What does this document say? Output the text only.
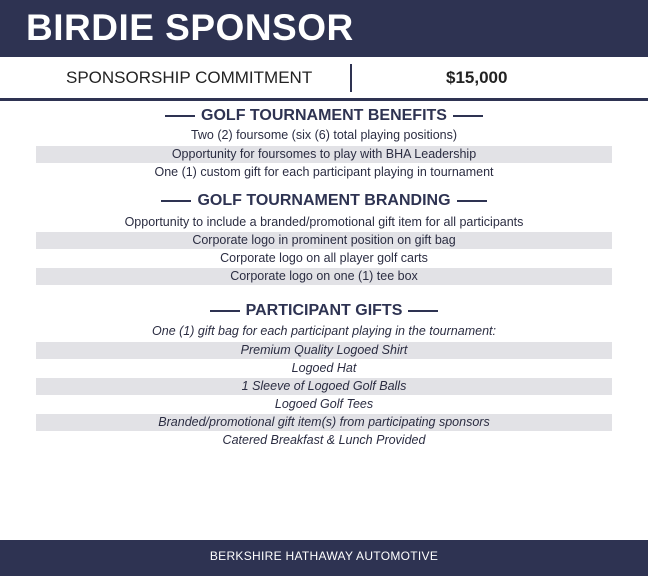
BIRDIE SPONSOR
SPONSORSHIP COMMITMENT	$15,000
GOLF TOURNAMENT BENEFITS
Two (2) foursome (six (6) total playing positions)
Opportunity for foursomes to play with BHA Leadership
One (1) custom gift for each participant playing in tournament
GOLF TOURNAMENT BRANDING
Opportunity to include a branded/promotional gift item for all participants
Corporate logo in prominent position on gift bag
Corporate logo on all player golf carts
Corporate logo on one (1) tee box
PARTICIPANT GIFTS
One (1) gift bag for each participant playing in the tournament:
Premium Quality Logoed Shirt
Logoed Hat
1 Sleeve of Logoed Golf Balls
Logoed Golf Tees
Branded/promotional gift item(s) from participating sponsors
Catered Breakfast & Lunch Provided
BERKSHIRE HATHAWAY AUTOMOTIVE
